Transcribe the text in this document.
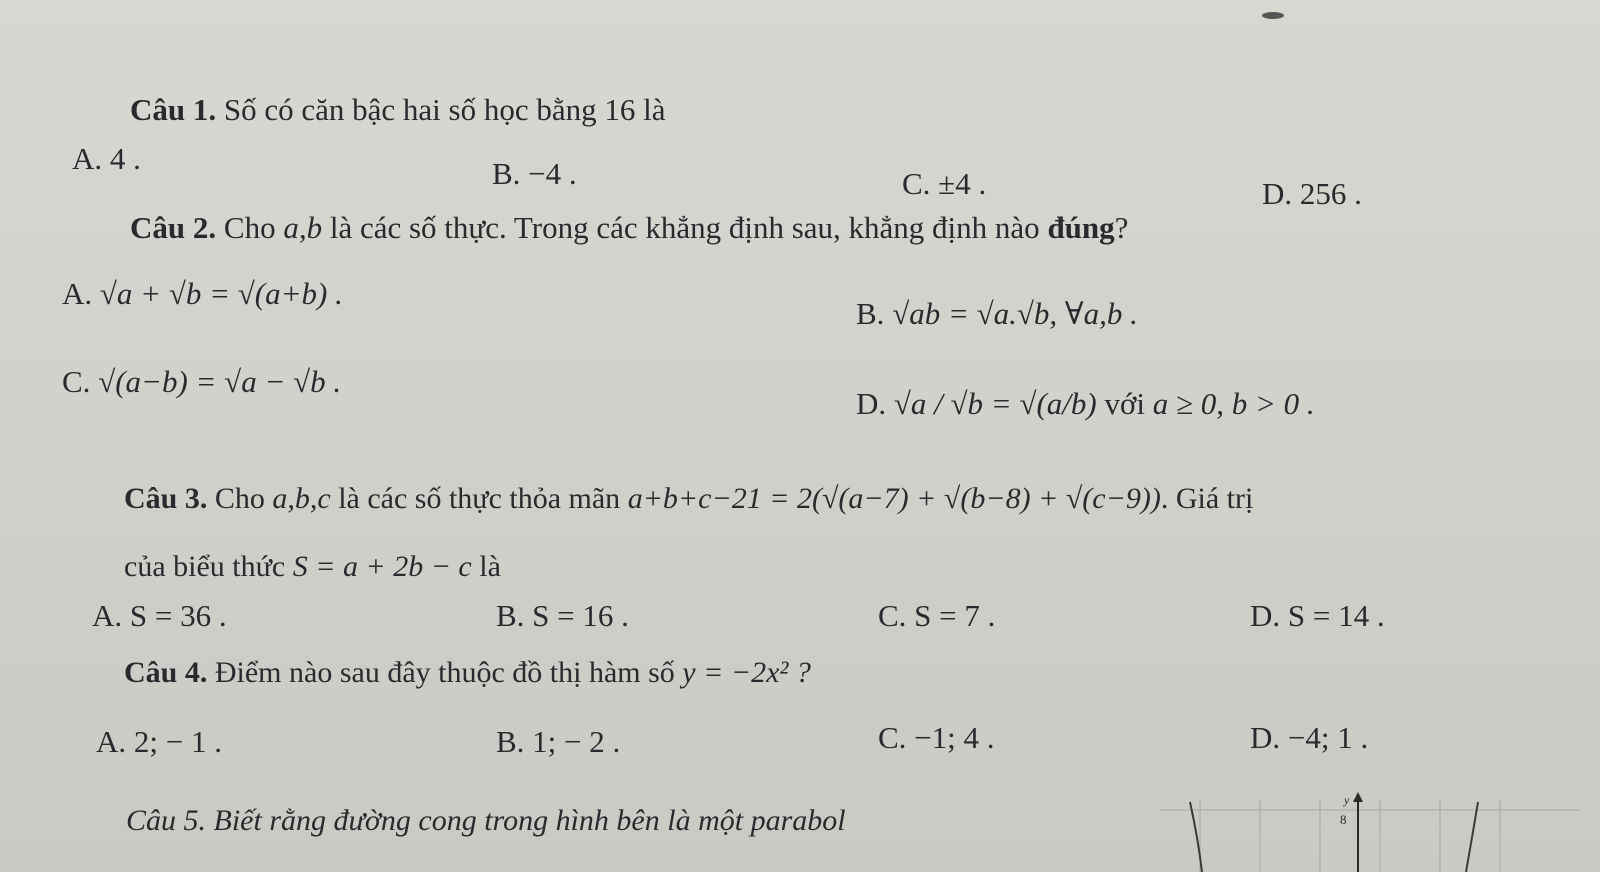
Câu 1. Số có căn bậc hai số học bằng 16 là
A. 4 .	B. −4 .	C. ±4 .	D. 256 .
Câu 2. Cho a,b là các số thực. Trong các khẳng định sau, khẳng định nào đúng?
A. √a + √b = √(a+b) .
B. √ab = √a.√b, ∀a,b .
C. √(a−b) = √a − √b .
D. √a / √b = √(a/b) với a ≥ 0, b > 0 .
Câu 3. Cho a,b,c là các số thực thỏa mãn a+b+c−21 = 2(√(a−7) + √(b−8) + √(c−9)). Giá trị
của biểu thức S = a + 2b − c là
A. S = 36 .	B. S = 16 .	C. S = 7 .	D. S = 14 .
Câu 4. Điểm nào sau đây thuộc đồ thị hàm số y = −2x² ?
A. 2; − 1 .	B. 1; − 2 .	C. −1; 4 .	D. −4; 1 .
Câu 5. Biết rằng đường cong trong hình bên là một parabol
y
8
